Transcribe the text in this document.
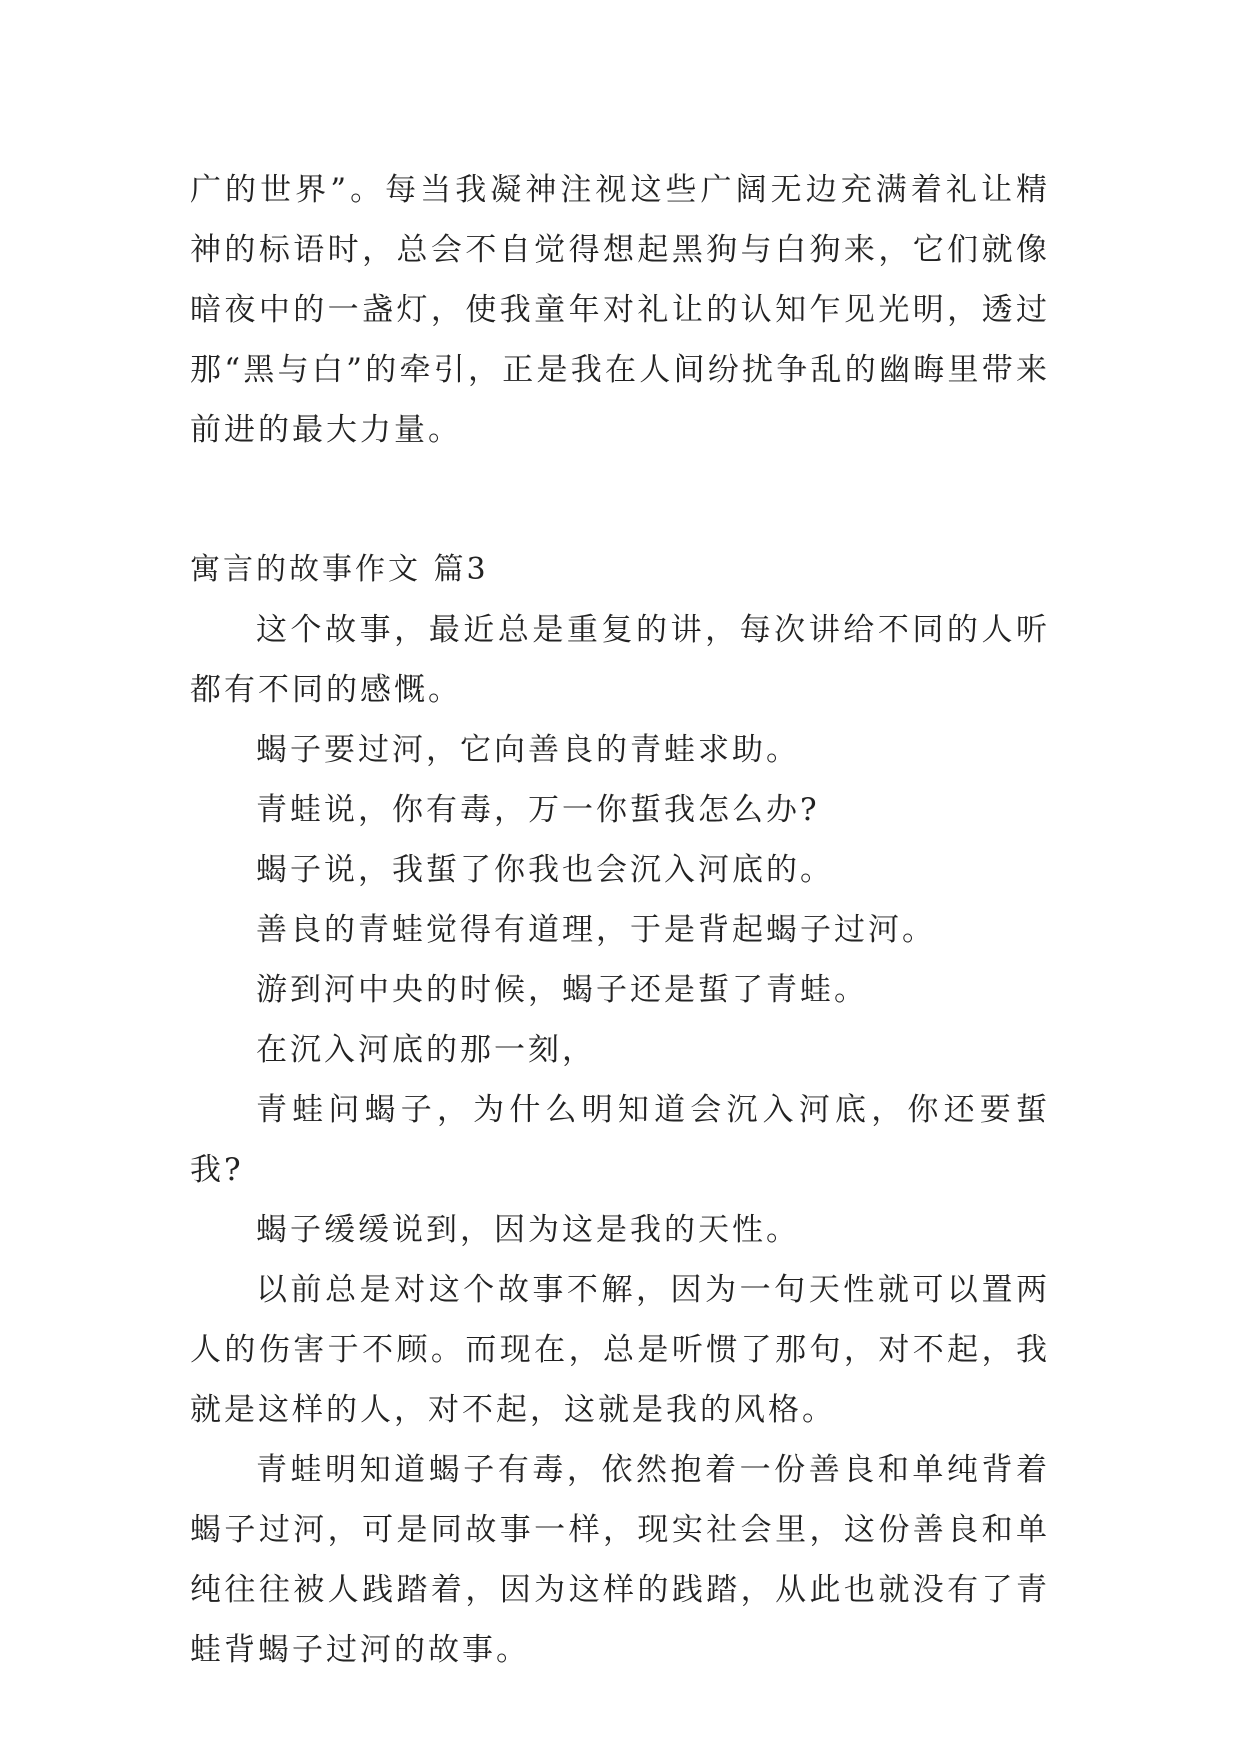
广的世界”。每当我凝神注视这些广阔无边充满着礼让精神的标语时，总会不自觉得想起黑狗与白狗来，它们就像暗夜中的一盏灯，使我童年对礼让的认知乍见光明，透过那“黑与白”的牵引，正是我在人间纷扰争乱的幽晦里带来前进的最大力量。

寓言的故事作文 篇3

这个故事，最近总是重复的讲，每次讲给不同的人听都有不同的感慨。

蝎子要过河，它向善良的青蛙求助。

青蛙说，你有毒，万一你蜇我怎么办?

蝎子说，我蜇了你我也会沉入河底的。

善良的青蛙觉得有道理，于是背起蝎子过河。

游到河中央的时候，蝎子还是蜇了青蛙。

在沉入河底的那一刻，

青蛙问蝎子，为什么明知道会沉入河底，你还要蜇我?

蝎子缓缓说到，因为这是我的天性。

以前总是对这个故事不解，因为一句天性就可以置两人的伤害于不顾。而现在，总是听惯了那句，对不起，我就是这样的人，对不起，这就是我的风格。

青蛙明知道蝎子有毒，依然抱着一份善良和单纯背着蝎子过河，可是同故事一样，现实社会里，这份善良和单纯往往被人践踏着，因为这样的践踏，从此也就没有了青蛙背蝎子过河的故事。
